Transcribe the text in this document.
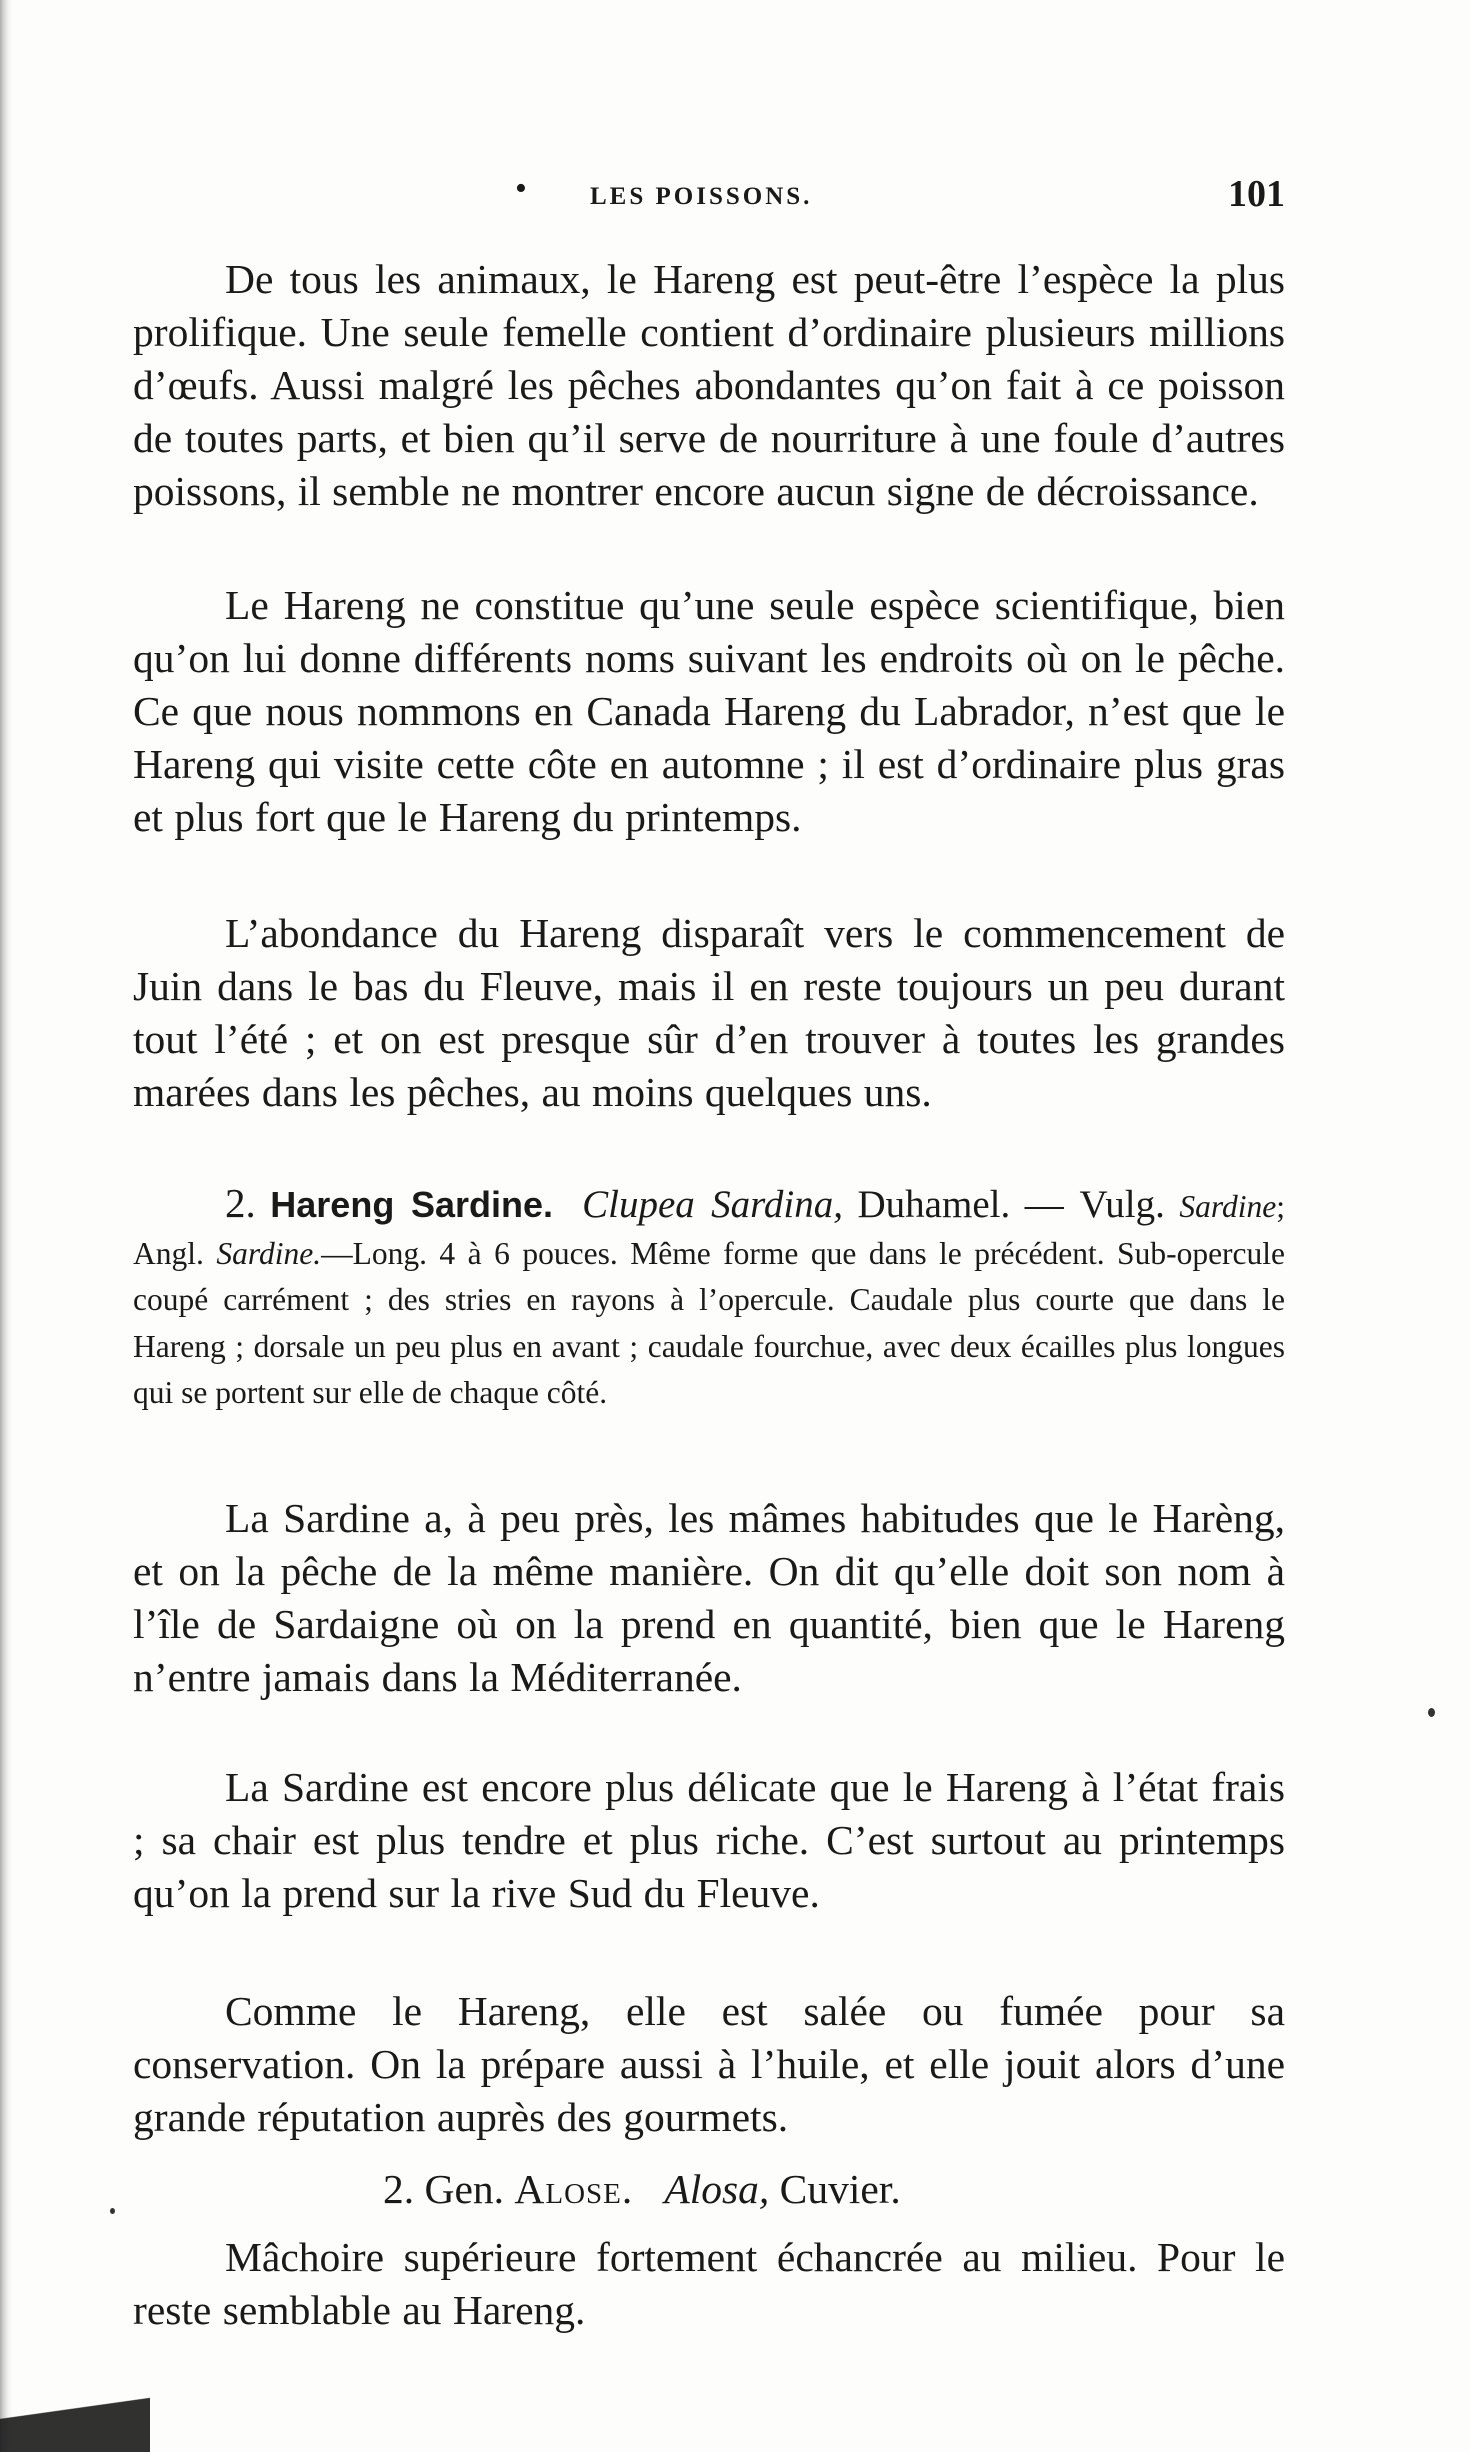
•	LES POISSONS.	101

De tous les animaux, le Hareng est peut-être l’espèce la plus prolifique. Une seule femelle contient d’ordinaire plusieurs millions d’œufs. Aussi malgré les pêches abondantes qu’on fait à ce poisson de toutes parts, et bien qu’il serve de nourriture à une foule d’autres poissons, il semble ne montrer encore aucun signe de décroissance.

Le Hareng ne constitue qu’une seule espèce scientifique, bien qu’on lui donne différents noms suivant les endroits où on le pêche. Ce que nous nommons en Canada Hareng du Labrador, n’est que le Hareng qui visite cette côte en automne ; il est d’ordinaire plus gras et plus fort que le Hareng du printemps.

L’abondance du Hareng disparaît vers le commencement de Juin dans le bas du Fleuve, mais il en reste toujours un peu durant tout l’été ; et on est presque sûr d’en trouver à toutes les grandes marées dans les pêches, au moins quelques uns.

2. Hareng Sardine. Clupea Sardina, Duhamel. — Vulg. Sardine; Angl. Sardine.—Long. 4 à 6 pouces. Même forme que dans le précédent. Sub-opercule coupé carrément ; des stries en rayons à l’opercule. Caudale plus courte que dans le Hareng ; dorsale un peu plus en avant ; caudale fourchue, avec deux écailles plus longues qui se portent sur elle de chaque côté.

La Sardine a, à peu près, les mâmes habitudes que le Harèng, et on la pêche de la même manière. On dit qu’elle doit son nom à l’île de Sardaigne où on la prend en quantité, bien que le Hareng n’entre jamais dans la Méditerranée.

La Sardine est encore plus délicate que le Hareng à l’état frais ; sa chair est plus tendre et plus riche. C’est surtout au printemps qu’on la prend sur la rive Sud du Fleuve.

Comme le Hareng, elle est salée ou fumée pour sa conservation. On la prépare aussi à l’huile, et elle jouit alors d’une grande réputation auprès des gourmets.

2. Gen. Alose. Alosa, Cuvier.

Mâchoire supérieure fortement échancrée au milieu. Pour le reste semblable au Hareng.
